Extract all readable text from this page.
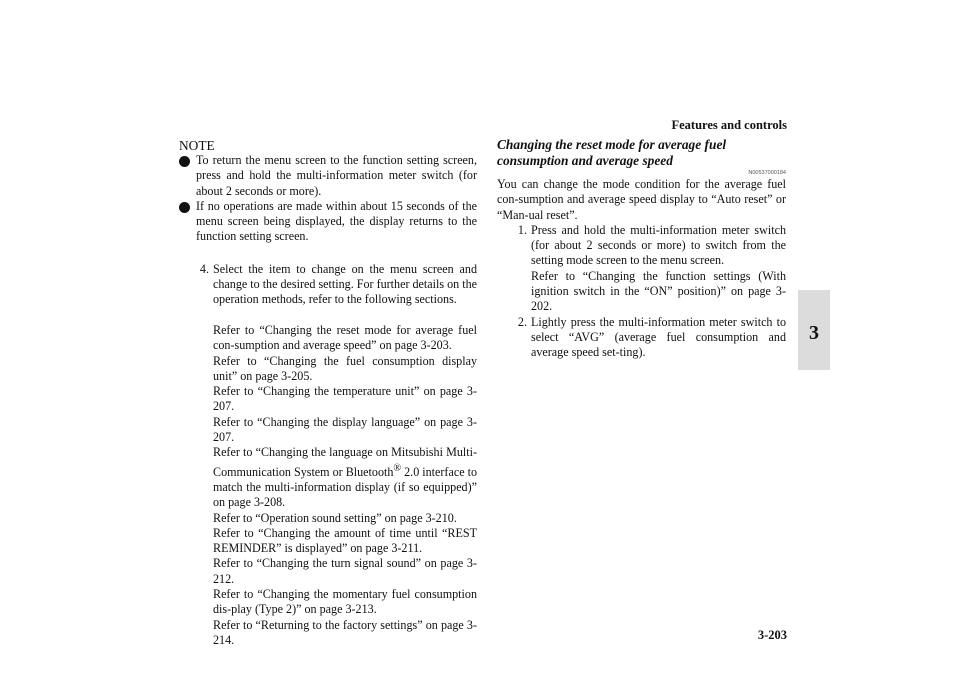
Features and controls
3
NOTE
To return the menu screen to the function setting screen, press and hold the multi-information meter switch (for about 2 seconds or more).
If no operations are made within about 15 seconds of the menu screen being displayed, the display returns to the function setting screen.
4. Select the item to change on the menu screen and change to the desired setting. For further details on the operation methods, refer to the following sections.

Refer to “Changing the reset mode for average fuel con-sumption and average speed” on page 3-203.

Refer to “Changing the fuel consumption display unit” on page 3-205.

Refer to “Changing the temperature unit” on page 3-207.

Refer to “Changing the display language” on page 3-207.

Refer to “Changing the language on Mitsubishi Multi-Communication System or Bluetooth® 2.0 interface to match the multi-information display (if so equipped)” on page 3-208.

Refer to “Operation sound setting” on page 3-210.

Refer to “Changing the amount of time until “REST REMINDER” is displayed” on page 3-211.

Refer to “Changing the turn signal sound” on page 3-212.

Refer to “Changing the momentary fuel consumption dis-play (Type 2)” on page 3-213.

Refer to “Returning to the factory settings” on page 3-214.

Changing the reset mode for average fuel consumption and average speed
N00537000184

You can change the mode condition for the average fuel con-sumption and average speed display to “Auto reset” or “Man-ual reset”.

1. Press and hold the multi-information meter switch (for about 2 seconds or more) to switch from the setting mode screen to the menu screen.

Refer to “Changing the function settings (With ignition switch in the “ON” position)” on page 3-202.

2. Lightly press the multi-information meter switch to select “AVG” (average fuel consumption and average speed set-ting).

3-203
